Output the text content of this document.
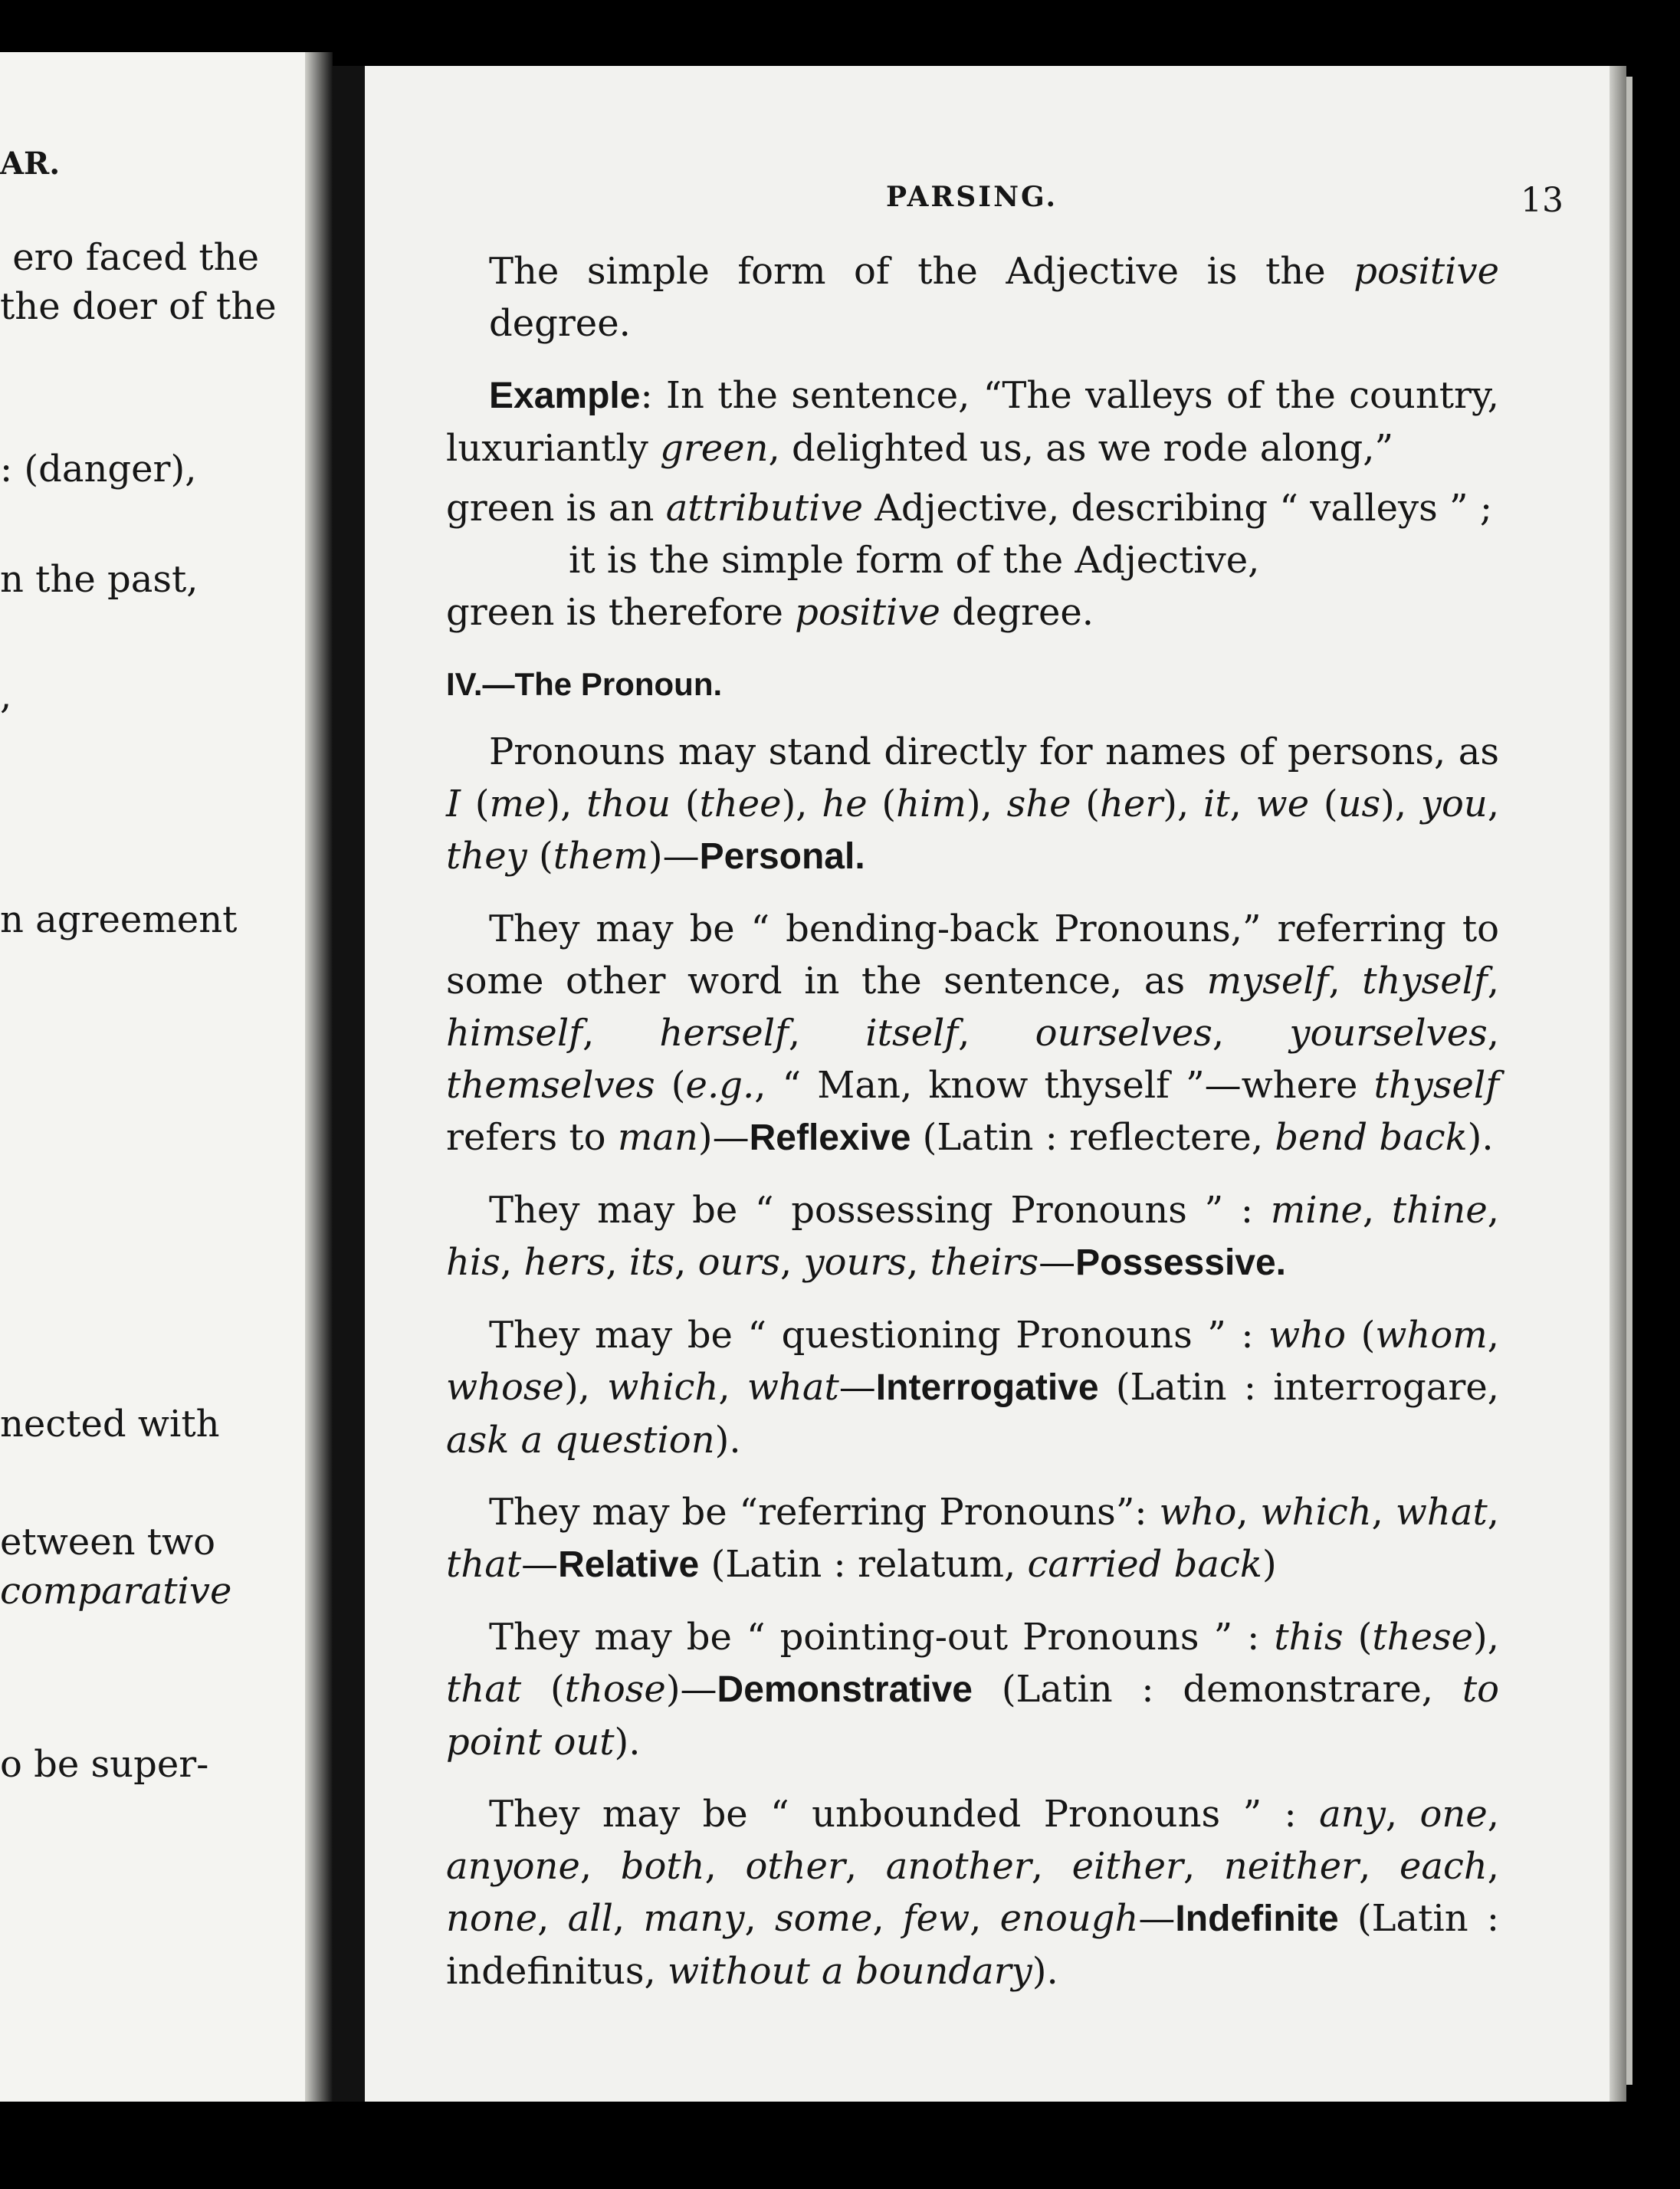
AR.
ero faced the
the doer of the
: (danger),
n the past,
,
n agreement
nected with
etween two
comparative
o be super-
PARSING.	13

The simple form of the Adjective is the positive degree.

Example: In the sentence, “The valleys of the country, luxuriantly green, delighted us, as we rode along,”

green is an attributive Adjective, describing “ valleys ” ;

it is the simple form of the Adjective,

green is therefore positive degree.

IV.—The Pronoun.

Pronouns may stand directly for names of persons, as I (me), thou (thee), he (him), she (her), it, we (us), you, they (them)—Personal.

They may be “ bending-back Pronouns,” referring to some other word in the sentence, as myself, thyself, himself, herself, itself, ourselves, yourselves, themselves (e.g., “ Man, know thyself ”—where thyself refers to man)—Reflexive (Latin : reflectere, bend back).

They may be “ possessing Pronouns ” : mine, thine, his, hers, its, ours, yours, theirs—Possessive.

They may be “ questioning Pronouns ” : who (whom, whose), which, what—Interrogative (Latin : interrogare, ask a question).

They may be “referring Pronouns”: who, which, what, that—Relative (Latin : relatum, carried back)

They may be “ pointing-out Pronouns ” : this (these), that (those)—Demonstrative (Latin : demonstrare, to point out).

They may be “ unbounded Pronouns ” : any, one, anyone, both, other, another, either, neither, each, none, all, many, some, few, enough—Indefinite (Latin : indefinitus, without a boundary).
